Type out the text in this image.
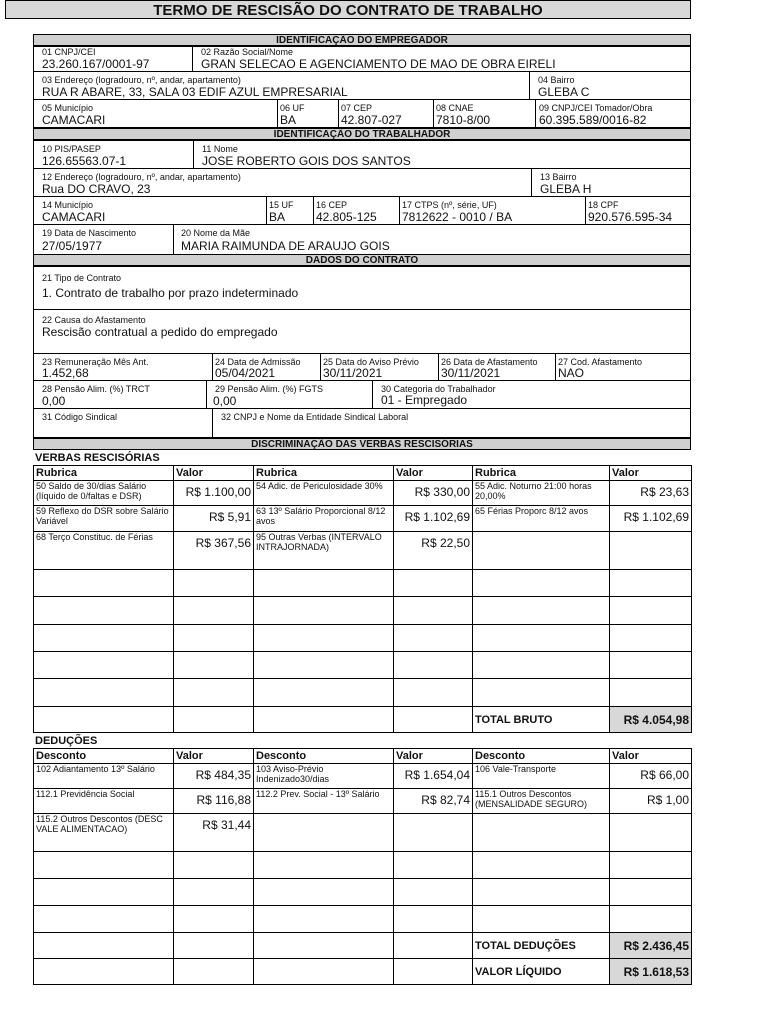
TERMO DE RESCISÃO DO CONTRATO DE TRABALHO
IDENTIFICAÇÃO DO EMPREGADOR
01 CNPJ/CEI
23.260.167/0001-97
02 Razão Social/Nome
GRAN SELECAO E AGENCIAMENTO DE MAO DE OBRA EIRELI
03 Endereço (logradouro, nº, andar, apartamento)
RUA R ABARE, 33, SALA 03 EDIF AZUL EMPRESARIAL
04 Bairro
GLEBA C
05 Município
CAMACARI
06 UF
BA
07 CEP
42.807-027
08 CNAE
7810-8/00
09 CNPJ/CEI Tomador/Obra
60.395.589/0016-82
IDENTIFICAÇÃO DO TRABALHADOR
10 PIS/PASEP
126.65563.07-1
11 Nome
JOSE ROBERTO GOIS DOS SANTOS
12 Endereço (logradouro, nº, andar, apartamento)
Rua DO CRAVO, 23
13 Bairro
GLEBA H
14 Município
CAMACARI
15 UF
BA
16 CEP
42.805-125
17 CTPS (nº, série, UF)
7812622 - 0010 / BA
18 CPF
920.576.595-34
19 Data de Nascimento
27/05/1977
20 Nome da Mãe
MARIA RAIMUNDA DE ARAUJO GOIS
DADOS DO CONTRATO
21 Tipo de Contrato
1. Contrato de trabalho por prazo indeterminado
22 Causa do Afastamento
Rescisão contratual a pedido do empregado
23 Remuneração Mês Ant.
1.452,68
24 Data de Admissão
05/04/2021
25 Data do Aviso Prévio
30/11/2021
26 Data de Afastamento
30/11/2021
27 Cod. Afastamento
NAO
28 Pensão Alim. (%) TRCT
0,00
29 Pensão Alim. (%) FGTS
0,00
30 Categoria do Trabalhador
01 - Empregado
31 Código Sindical	32 CNPJ e Nome da Entidade Sindical Laboral
DISCRIMINAÇÃO DAS VERBAS RESCISÓRIAS
VERBAS RESCISÓRIAS
Rubrica	Valor	Rubrica	Valor	Rubrica	Valor
50 Saldo de 30/dias Salário (líquido de 0/faltas e DSR)	R$ 1.100,00	54 Adic. de Periculosidade 30%	R$ 330,00	55 Adic. Noturno 21:00 horas 20,00%	R$ 23,63
59 Reflexo do DSR sobre Salário Variável	R$ 5,91	63 13º Salário Proporcional 8/12 avos	R$ 1.102,69	65 Férias Proporc 8/12 avos	R$ 1.102,69
68 Terço Constituc. de Férias	R$ 367,56	95 Outras Verbas (INTERVALO INTRAJORNADA)	R$ 22,50		

				TOTAL BRUTO	R$ 4.054,98
DEDUÇÕES
Desconto	Valor	Desconto	Valor	Desconto	Valor
102 Adiantamento 13º Salário	R$ 484,35	103 Aviso-Prévio Indenizado30/dias	R$ 1.654,04	106 Vale-Transporte	R$ 66,00
112.1 Previdência Social	R$ 116,88	112.2 Prev. Social - 13º Salário	R$ 82,74	115.1 Outros Descontos (MENSALIDADE SEGURO)	R$ 1,00
115.2 Outros Descontos (DESC VALE ALIMENTACAO)	R$ 31,44				

				TOTAL DEDUÇÕES	R$ 2.436,45
				VALOR LÍQUIDO	R$ 1.618,53
